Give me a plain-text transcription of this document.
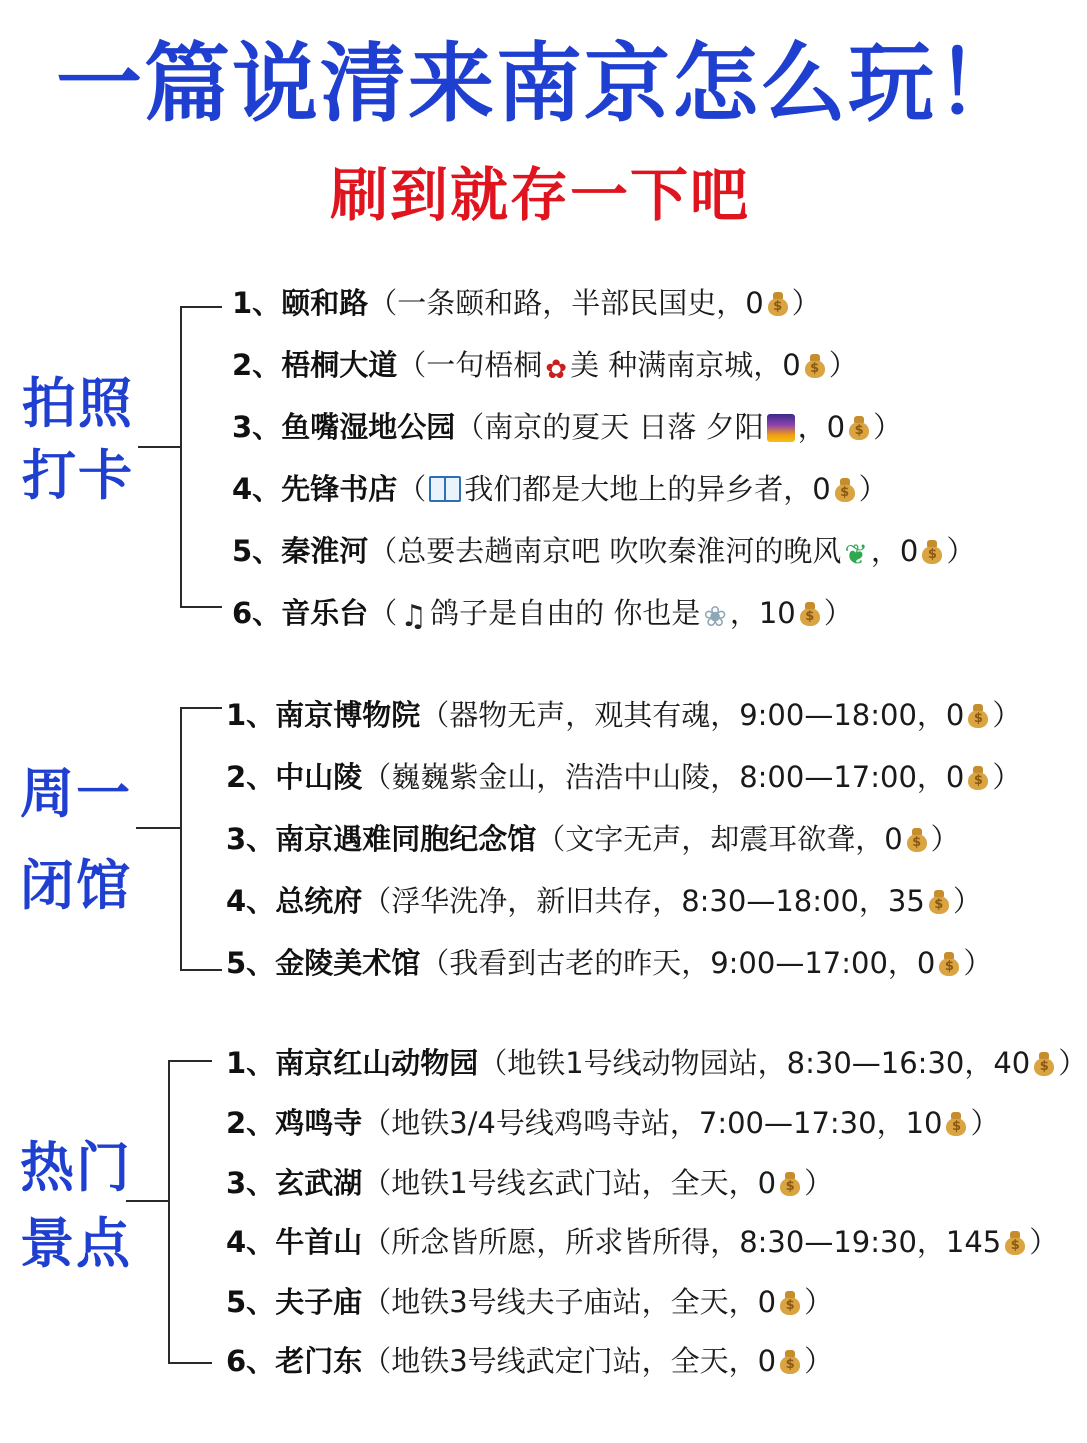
一篇说清来南京怎么玩！
刷到就存一下吧
拍照
打卡
1、颐和路（一条颐和路，半部民国史，0 $ ）
2、梧桐大道（一句梧桐 ✿ 美 种满南京城，0 $ ）
3、鱼嘴湿地公园（南京的夏天 日落 夕阳 ，0 $ ）
4、先锋书店（ 我们都是大地上的异乡者，0 $ ）
5、秦淮河（总要去趟南京吧 吹吹秦淮河的晚风 ❦ ，0 $ ）
6、音乐台（ ♫ 鸽子是自由的 你也是 ❀ ，10 $ ）
周一
闭馆
1、南京博物院（器物无声，观其有魂，9:00—18:00，0 $ ）
2、中山陵（巍巍紫金山，浩浩中山陵，8:00—17:00，0 $ ）
3、南京遇难同胞纪念馆（文字无声，却震耳欲聋，0 $ ）
4、总统府（浮华洗净，新旧共存，8:30—18:00，35 $ ）
5、金陵美术馆（我看到古老的昨天，9:00—17:00，0 $ ）
热门
景点
1、南京红山动物园（地铁1号线动物园站，8:30—16:30，40 $ ）
2、鸡鸣寺（地铁3/4号线鸡鸣寺站，7:00—17:30，10 $ ）
3、玄武湖（地铁1号线玄武门站，全天，0 $ ）
4、牛首山（所念皆所愿，所求皆所得，8:30—19:30，145 $ ）
5、夫子庙（地铁3号线夫子庙站，全天，0 $ ）
6、老门东（地铁3号线武定门站，全天，0 $ ）
